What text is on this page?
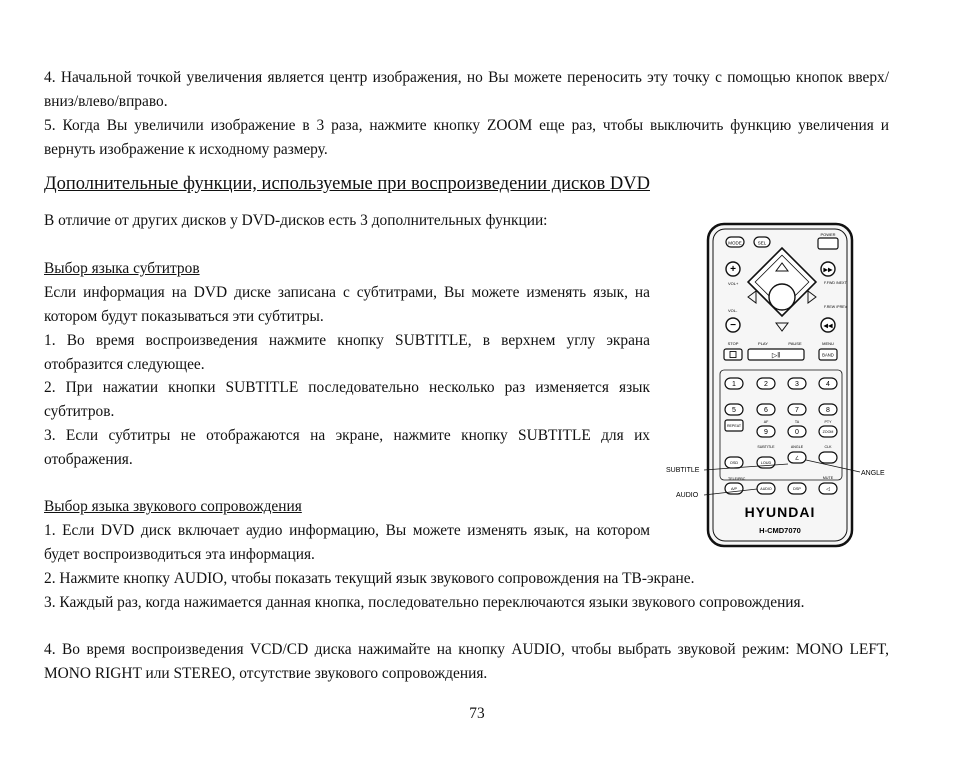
4. Начальной точкой увеличения является центр изображения, но Вы можете переносить эту точку с помощью кнопок вверх/вниз/влево/вправо.

5. Когда Вы увеличили изображение в 3 раза, нажмите кнопку ZOOM еще раз, чтобы выключить функцию увеличения и вернуть изображение к исходному размеру.

Дополнительные функции, используемые при воспроизведении дисков DVD

В отличие от других дисков у DVD-дисков есть 3 дополнительных функции:

Выбор языка субтитров

Если информация на DVD диске записана с субтитрами, Вы можете изменять язык, на котором будут показываться эти субтитры.

1. Во время воспроизведения нажмите кнопку SUBTITLE, в верхнем углу экрана отобразится следующее.

2. При нажатии кнопки SUBTITLE последовательно несколько раз изменяется язык субтитров.

3. Если субтитры не отображаются на экране, нажмите кнопку SUBTITLE для их отображения.

Выбор языка звукового сопровождения

1. Если DVD диск включает аудио информацию, Вы можете изменять язык, на котором будет воспроизводиться эта информация.

2. Нажмите кнопку AUDIO, чтобы показать текущий язык звукового сопровождения на ТВ-экране.

3. Каждый раз, когда нажимается данная кнопка, последовательно переключаются языки звукового сопровождения.

4. Во время воспроизведения VCD/CD диска нажимайте на кнопку AUDIO, чтобы выбрать звуковой режим: MONO LEFT, MONO RIGHT или STEREO, отсутствие звукового сопровождения.

73
MODE	SEL
POWER
+
VOL+
VOL-
−
▶▶
F.FWD /NEXT
F.REW /PREV
◀◀
STOP	PLAY	PAUSE	MENU
▷‖	BAND
1	2	3	4
5	6	7	8
REPEAT
AF
9
TA
0
PTY
ZOOM
SUBTITLE	ANGLE	CLK
OSD	LOUD
∠
TELE/PBC
A/P	AUDIO	DSP
MUTE
◁
HYUNDAI
H-CMD7070
SUBTITLE
AUDIO
ANGLE
